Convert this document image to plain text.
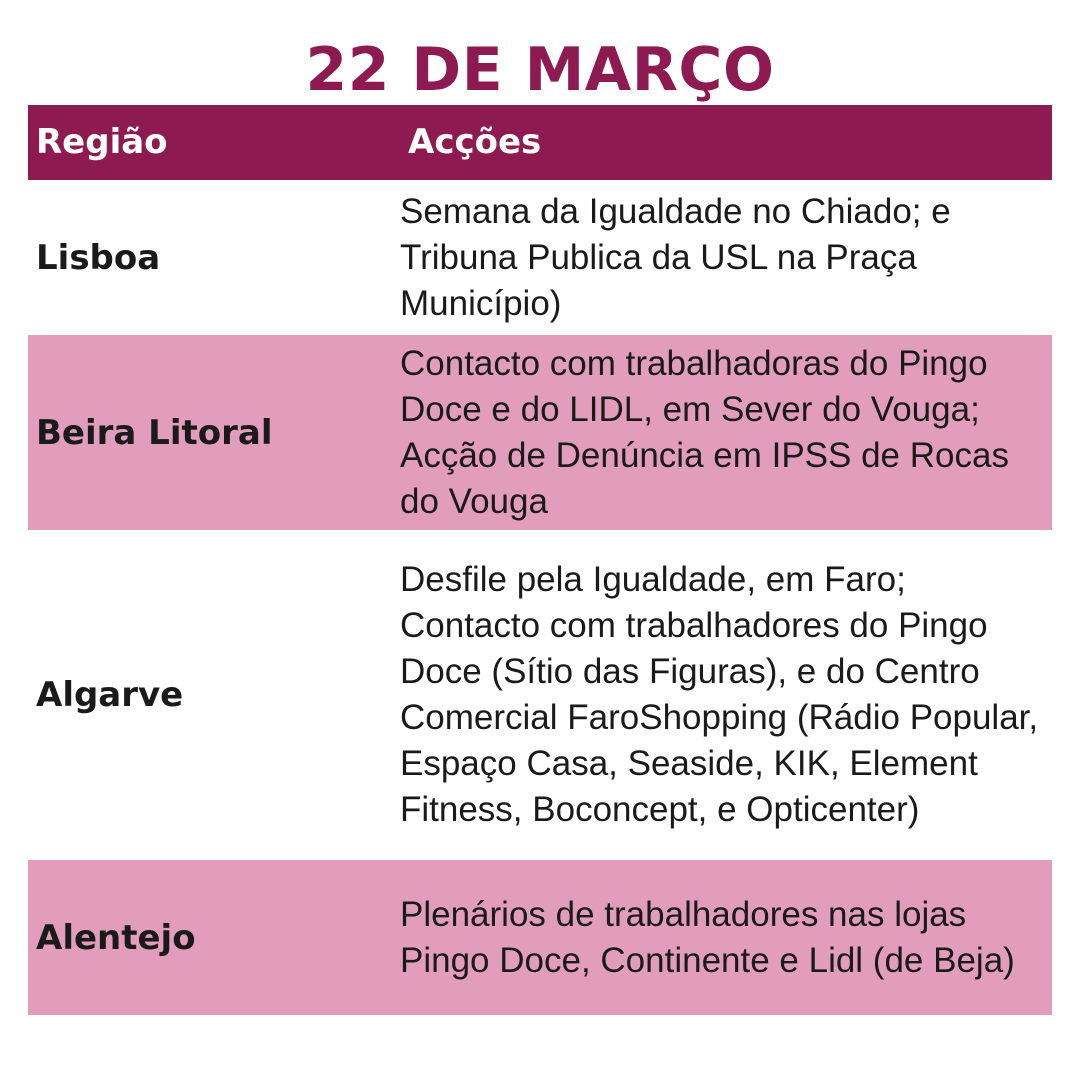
22 DE MARÇO
Região	Acções
Lisboa
Semana da Igualdade no Chiado; e Tribuna Publica da USL na Praça Município)
Beira Litoral
Contacto com trabalhadoras do Pingo Doce e do LIDL, em Sever do Vouga; Acção de Denúncia em IPSS de Rocas do Vouga
Algarve
Desfile pela Igualdade, em Faro; Contacto com trabalhadores do Pingo Doce (Sítio das Figuras), e do Centro Comercial FaroShopping (Rádio Popular, Espaço Casa, Seaside, KIK, Element Fitness, Boconcept, e Opticenter)
Alentejo
Plenários de trabalhadores nas lojas Pingo Doce, Continente e Lidl (de Beja)
